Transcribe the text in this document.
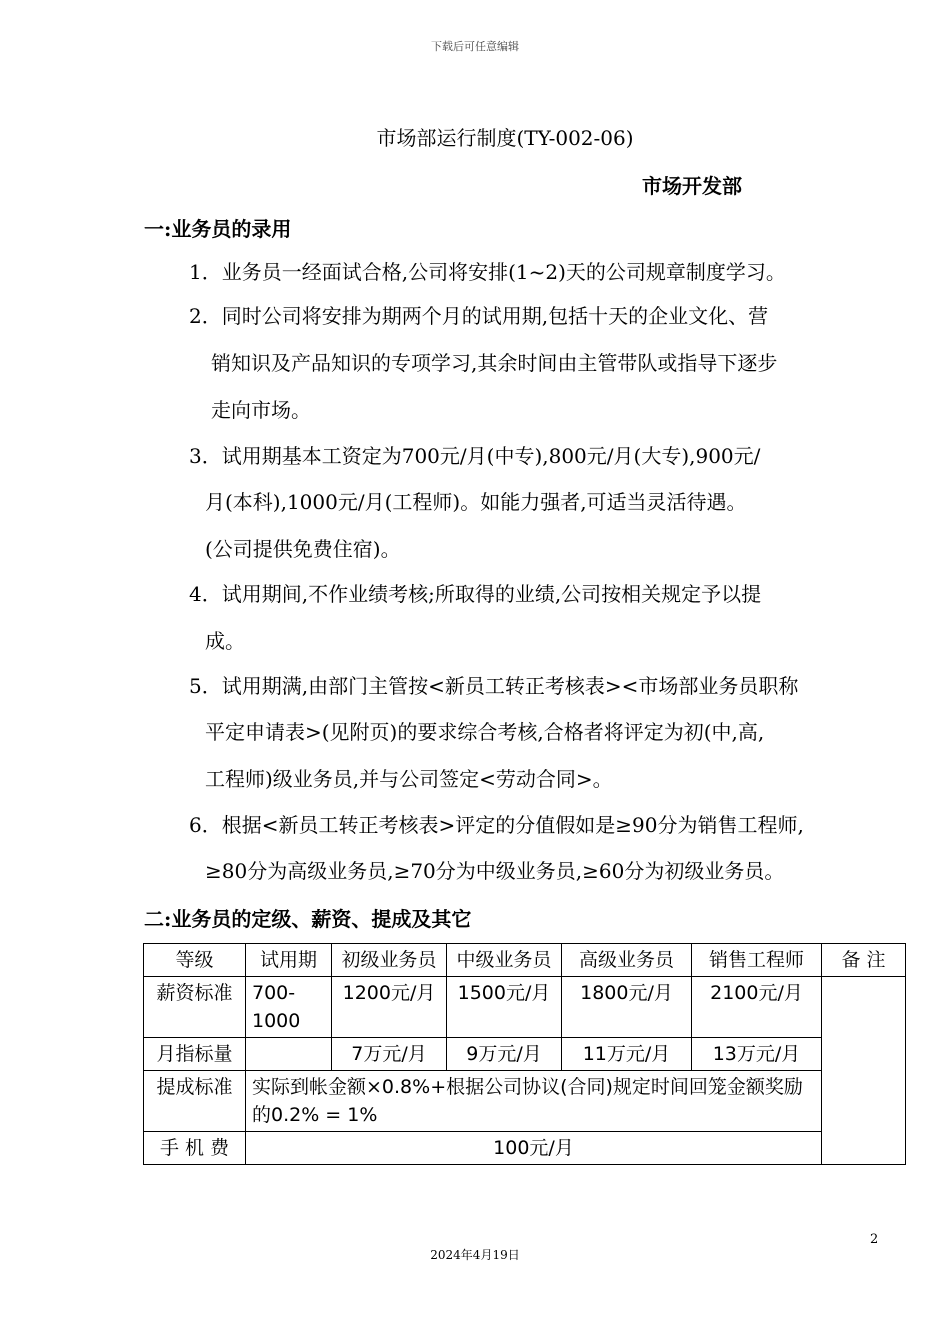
下载后可任意编辑
市场部运行制度(TY-002-06)
市场开发部
一:业务员的录用
1．业务员一经面试合格,公司将安排(1~2)天的公司规章制度学习。
2．同时公司将安排为期两个月的试用期,包括十天的企业文化、营
销知识及产品知识的专项学习,其余时间由主管带队或指导下逐步
走向市场。
3．试用期基本工资定为700元/月(中专),800元/月(大专),900元/
月(本科),1000元/月(工程师)。如能力强者,可适当灵活待遇。
(公司提供免费住宿)。
4．试用期间,不作业绩考核;所取得的业绩,公司按相关规定予以提
成。
5．试用期满,由部门主管按<新员工转正考核表><市场部业务员职称
平定申请表>(见附页)的要求综合考核,合格者将评定为初(中,高,
工程师)级业务员,并与公司签定<劳动合同>。
6．根据<新员工转正考核表>评定的分值假如是≥90分为销售工程师,
≥80分为高级业务员,≥70分为中级业务员,≥60分为初级业务员。
二:业务员的定级、薪资、提成及其它
等级	试用期	初级业务员	中级业务员	高级业务员	销售工程师	备 注
薪资标准	700-1000	1200元/月	1500元/月	1800元/月	2100元/月	
月指标量		7万元/月	9万元/月	11万元/月	13万元/月	
提成标准	实际到帐金额×0.8%+根据公司协议(合同)规定时间回笼金额奖励的0.2% = 1%					
手 机 费	100元/月					
2
2024年4月19日
